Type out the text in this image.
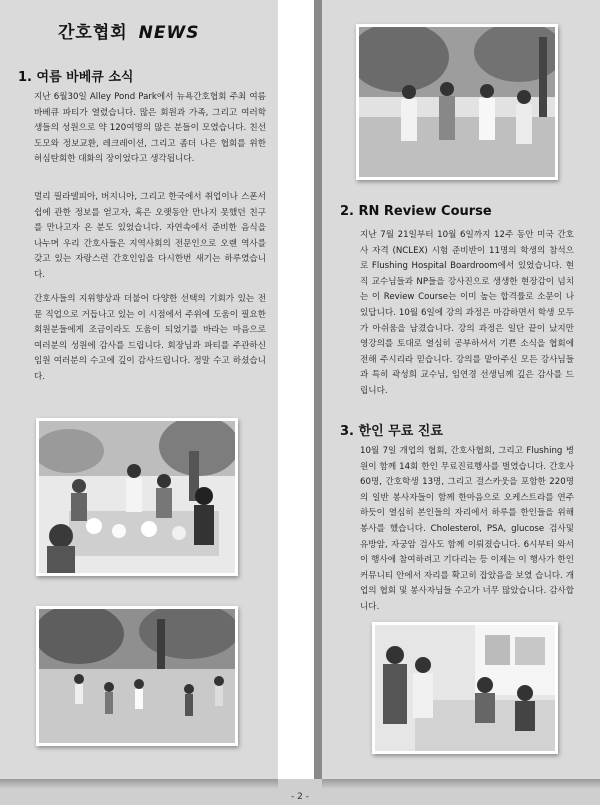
간호협회 NEWS
1. 여름 바베큐 소식

지난 6월30일 Alley Pond Park에서 뉴욕간호협회 주최 여름 바베큐 파티가 열렸습니다. 많은 회원과 가족, 그리고 여러학생들의 성원으로 약 120여명의 많은 분들이 모였습니다. 친선 도모와 정보교환, 레크레이션, 그리고 좀더 나은 협회를 위한 허심탄회한 대화의 장이었다고 생각됩니다.

멀리 필라델피아, 버지니아, 그리고 한국에서 취업이나 스폰서쉽에 관한 정보를 얻고자, 혹은 오랫동안 만나지 못했던 친구를 만나고자 온 분도 있었습니다. 자연속에서 준비한 음식을 나누며 우리 간호사들은 지역사회의 전문인으로 오랜 역사를 갖고 있는 자랑스런 간호인임을 다시한번 새기는 하루였습니다.

간호사들의 지위향상과 더불어 다양한 선택의 기회가 있는 전문 직업으로 거듭나고 있는 이 시점에서 주위에 도움이 필요한 회원분들에게 조금이라도 도움이 되었기를 바라는 마음으로 여러분의 성원에 감사를 드립니다. 회장님과 파티를 주관하신 임원 여러분의 수고에 깊이 감사드립니다. 정말 수고 하셨습니다.

2. RN Review Course

지난 7월 21일부터 10월 6일까지 12주 동안 미국 간호사 자격 (NCLEX) 시험 준비반이 11명의 학생의 참석으로 Flushing Hospital Boardroom에서 있었습니다. 현직 교수님들과 NP들을 강사진으로 생생한 현장감이 넘치는 이 Review Course는 이미 높는 합격률로 소문이 나 있답니다. 10월 6일에 강의 과정은 마감하면서 학생 모두가 아쉬움을 남겼습니다. 강의 과정은 일단 끝이 났지만 영강의를 토대로 열심히 공부하셔서 기쁜 소식을 협회에 전해 주시리라 믿습니다. 강의를 맡아주신 모든 강사님들과 특히 곽성희 교수님, 임연경 선생님께 깊은 감사를 드립니다.

3. 한인 무료 진료

10월 7일 개업의 협회, 간호사협회, 그리고 Flushing 병원이 함께 14회 한인 무료진료행사를 벌였습니다. 간호사 60명, 간호학생 13명, 그리고 걸스카웃을 포함한 220명의 일반 봉사자들이 함께 한마음으로 오케스트라를 연주하듯이 열심히 본인들의 자리에서 하루를 한인들을 위해 봉사를 했습니다. Cholesterol, PSA, glucose 검사및 유방암, 자궁암 검사도 함께 이뤄졌습니다. 6시부터 와서 이 행사에 참여하려고 기다리는 등 이제는 이 행사가 한인 커뮤니티 안에서 자리를 확고히 잡았음을 보였 습니다. 개업의 협회 및 봉사자님들 수고가 너무 많았습니다. 감사합니다.

- 2 -
